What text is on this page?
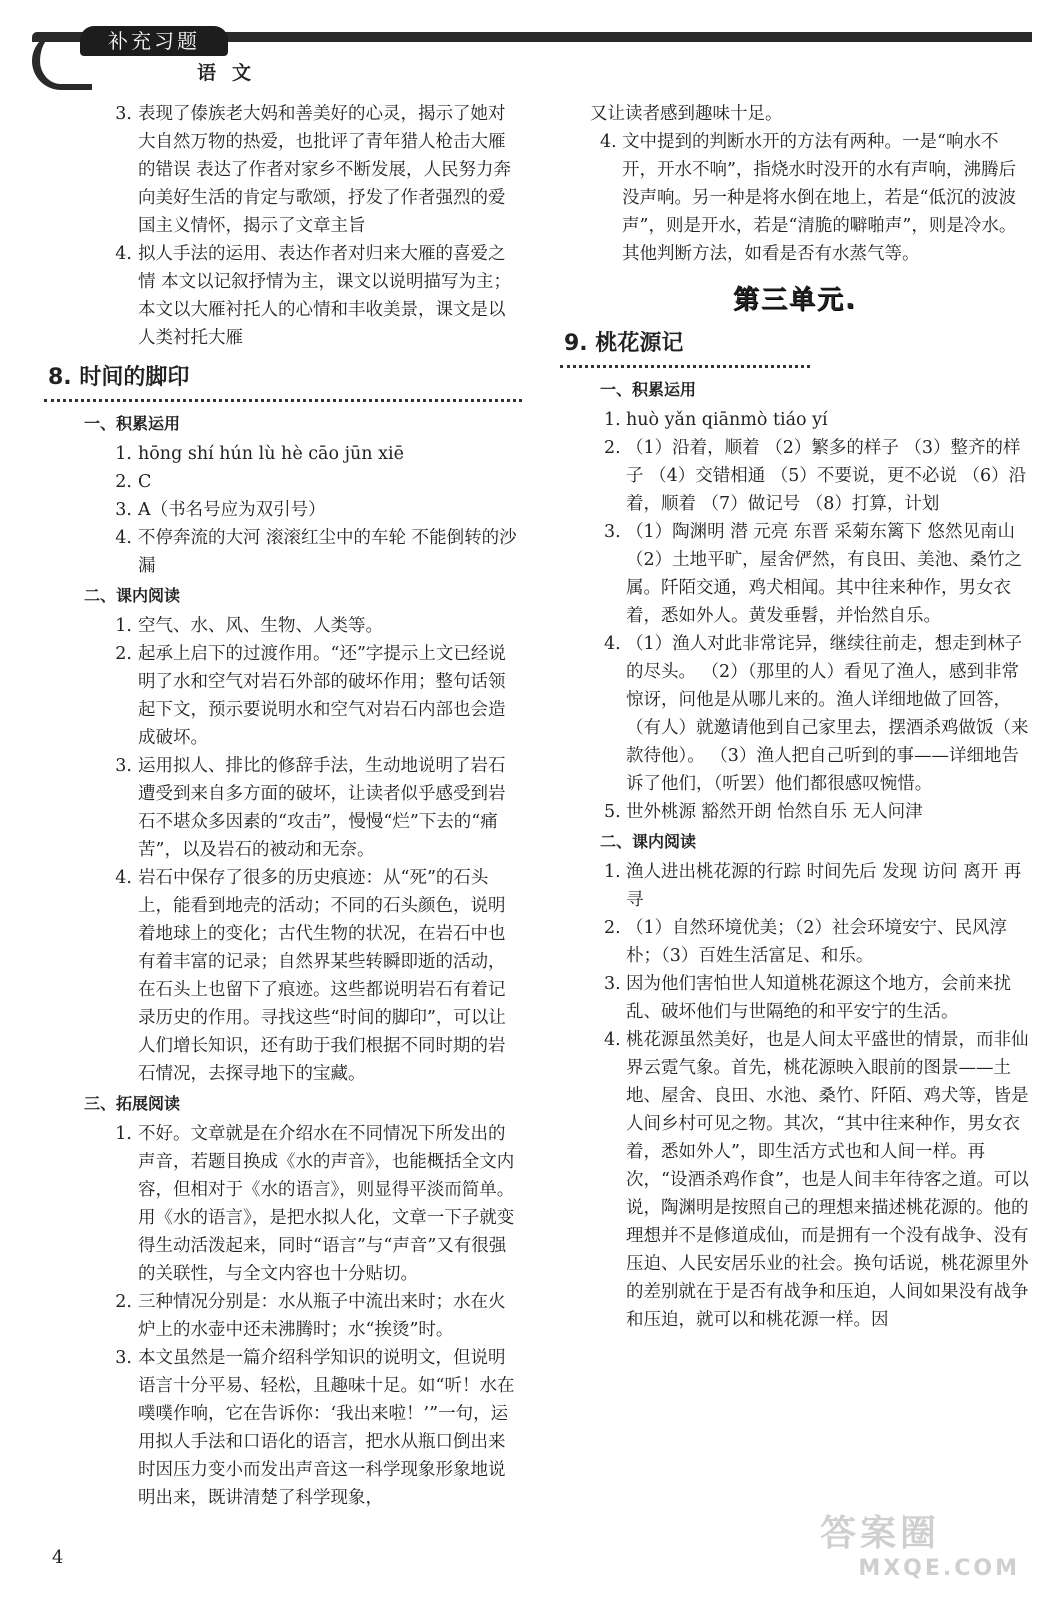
补充习题
语文
3. 表现了傣族老大妈和善美好的心灵，揭示了她对大自然万物的热爱，也批评了青年猎人枪击大雁的错误 表达了作者对家乡不断发展，人民努力奔向美好生活的肯定与歌颂，抒发了作者强烈的爱国主义情怀，揭示了文章主旨
4. 拟人手法的运用、表达作者对归来大雁的喜爱之情 本文以记叙抒情为主，课文以说明描写为主；本文以大雁衬托人的心情和丰收美景，课文是以人类衬托大雁
8. 时间的脚印
一、积累运用
1. hōng shí hún lù hè cāo jūn xiē
2. C
3. A（书名号应为双引号）
4. 不停奔流的大河 滚滚红尘中的车轮 不能倒转的沙漏
二、课内阅读
1. 空气、水、风、生物、人类等。
2. 起承上启下的过渡作用。“还”字提示上文已经说明了水和空气对岩石外部的破坏作用；整句话领起下文，预示要说明水和空气对岩石内部也会造成破坏。
3. 运用拟人、排比的修辞手法，生动地说明了岩石遭受到来自多方面的破坏，让读者似乎感受到岩石不堪众多因素的“攻击”，慢慢“烂”下去的“痛苦”，以及岩石的被动和无奈。
4. 岩石中保存了很多的历史痕迹：从“死”的石头上，能看到地壳的活动；不同的石头颜色，说明着地球上的变化；古代生物的状况，在岩石中也有着丰富的记录；自然界某些转瞬即逝的活动，在石头上也留下了痕迹。这些都说明岩石有着记录历史的作用。寻找这些“时间的脚印”，可以让人们增长知识，还有助于我们根据不同时期的岩石情况，去探寻地下的宝藏。
三、拓展阅读
1. 不好。文章就是在介绍水在不同情况下所发出的声音，若题目换成《水的声音》，也能概括全文内容，但相对于《水的语言》，则显得平淡而简单。用《水的语言》，是把水拟人化，文章一下子就变得生动活泼起来，同时“语言”与“声音”又有很强的关联性，与全文内容也十分贴切。
2. 三种情况分别是：水从瓶子中流出来时；水在火炉上的水壶中还未沸腾时；水“挨烫”时。
3. 本文虽然是一篇介绍科学知识的说明文，但说明语言十分平易、轻松，且趣味十足。如“听！水在噗噗作响，它在告诉你：‘我出来啦！’”一句，运用拟人手法和口语化的语言，把水从瓶口倒出来时因压力变小而发出声音这一科学现象形象地说明出来，既讲清楚了科学现象，
又让读者感到趣味十足。
4. 文中提到的判断水开的方法有两种。一是“响水不开，开水不响”，指烧水时没开的水有声响，沸腾后没声响。另一种是将水倒在地上，若是“低沉的波波声”，则是开水，若是“清脆的噼啪声”，则是冷水。其他判断方法，如看是否有水蒸气等。
第三单元.
9. 桃花源记
一、积累运用
1. huò yǎn qiānmò tiáo yí
2. （1）沿着，顺着 （2）繁多的样子 （3）整齐的样子 （4）交错相通 （5）不要说，更不必说 （6）沿着，顺着 （7）做记号 （8）打算，计划
3. （1）陶渊明 潜 元亮 东晋 采菊东篱下 悠然见南山 （2）土地平旷，屋舍俨然，有良田、美池、桑竹之属。阡陌交通，鸡犬相闻。其中往来种作，男女衣着，悉如外人。黄发垂髫，并怡然自乐。
4. （1）渔人对此非常诧异，继续往前走，想走到林子的尽头。 （2）（那里的人）看见了渔人，感到非常惊讶，问他是从哪儿来的。渔人详细地做了回答，（有人）就邀请他到自己家里去，摆酒杀鸡做饭（来款待他）。 （3）渔人把自己听到的事——详细地告诉了他们，（听罢）他们都很感叹惋惜。
5. 世外桃源 豁然开朗 怡然自乐 无人问津
二、课内阅读
1. 渔人进出桃花源的行踪 时间先后 发现 访问 离开 再寻
2. （1）自然环境优美；（2）社会环境安宁、民风淳朴；（3）百姓生活富足、和乐。
3. 因为他们害怕世人知道桃花源这个地方，会前来扰乱、破坏他们与世隔绝的和平安宁的生活。
4. 桃花源虽然美好，也是人间太平盛世的情景，而非仙界云霓气象。首先，桃花源映入眼前的图景——土地、屋舍、良田、水池、桑竹、阡陌、鸡犬等，皆是人间乡村可见之物。其次，“其中往来种作，男女衣着，悉如外人”，即生活方式也和人间一样。再次，“设酒杀鸡作食”，也是人间丰年待客之道。可以说，陶渊明是按照自己的理想来描述桃花源的。他的理想并不是修道成仙，而是拥有一个没有战争、没有压迫、人民安居乐业的社会。换句话说，桃花源里外的差别就在于是否有战争和压迫，人间如果没有战争和压迫，就可以和桃花源一样。因
4
答案圈
MXQE.COM
